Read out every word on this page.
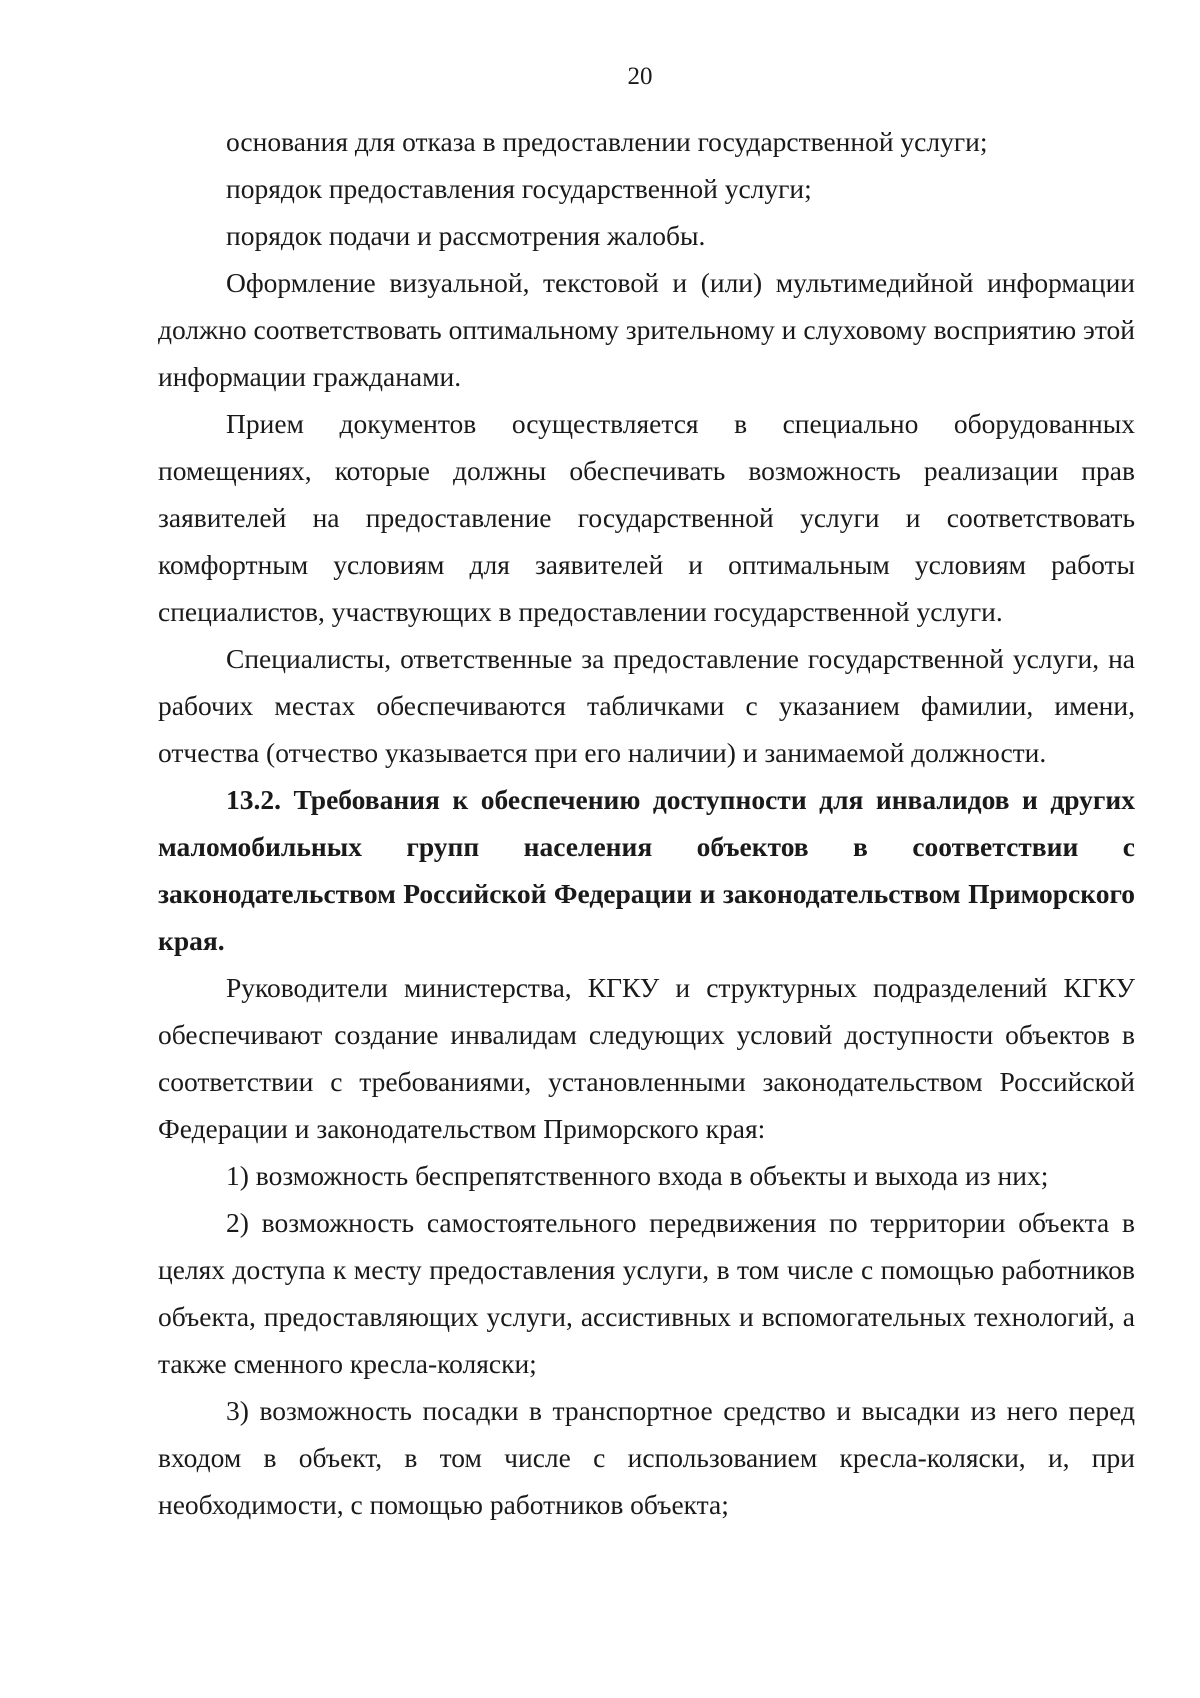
20

основания для отказа в предоставлении государственной услуги;

порядок предоставления государственной услуги;

порядок подачи и рассмотрения жалобы.

Оформление визуальной, текстовой и (или) мультимедийной информации должно соответствовать оптимальному зрительному и слуховому восприятию этой информации гражданами.

Прием документов осуществляется в специально оборудованных помещениях, которые должны обеспечивать возможность реализации прав заявителей на предоставление государственной услуги и соответствовать комфортным условиям для заявителей и оптимальным условиям работы специалистов, участвующих в предоставлении государственной услуги.

Специалисты, ответственные за предоставление государственной услуги, на рабочих местах обеспечиваются табличками с указанием фамилии, имени, отчества (отчество указывается при его наличии) и занимаемой должности.

13.2. Требования к обеспечению доступности для инвалидов и других маломобильных групп населения объектов в соответствии с законодательством Российской Федерации и законодательством Приморского края.

Руководители министерства, КГКУ и структурных подразделений КГКУ обеспечивают создание инвалидам следующих условий доступности объектов в соответствии с требованиями, установленными законодательством Российской Федерации и законодательством Приморского края:

1) возможность беспрепятственного входа в объекты и выхода из них;

2) возможность самостоятельного передвижения по территории объекта в целях доступа к месту предоставления услуги, в том числе с помощью работников объекта, предоставляющих услуги, ассистивных и вспомогательных технологий, а также сменного кресла-коляски;

3) возможность посадки в транспортное средство и высадки из него перед входом в объект, в том числе с использованием кресла-коляски, и, при необходимости, с помощью работников объекта;
